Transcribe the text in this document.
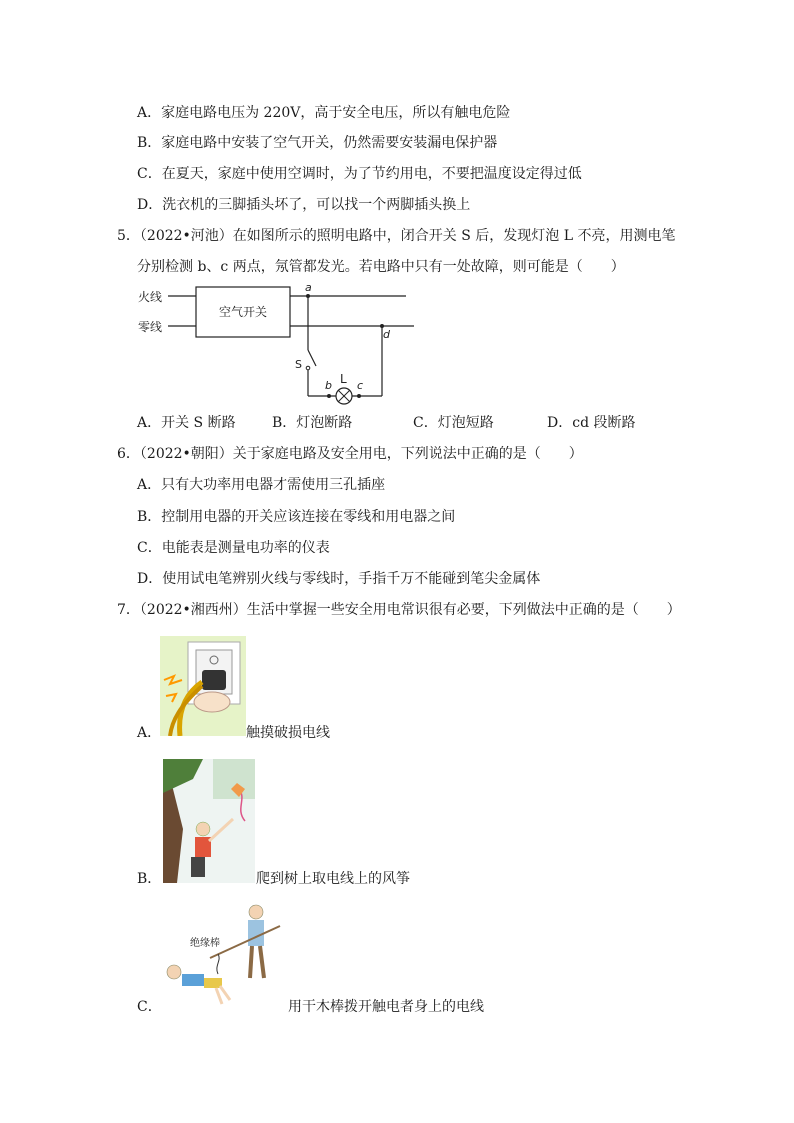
A．家庭电路电压为 220V，高于安全电压，所以有触电危险
B．家庭电路中安装了空气开关，仍然需要安装漏电保护器
C．在夏天，家庭中使用空调时，为了节约用电，不要把温度设定得过低
D．洗衣机的三脚插头坏了，可以找一个两脚插头换上
5．（2022•河池）在如图所示的照明电路中，闭合开关 S 后，发现灯泡 L 不亮，用测电笔
分别检测 b、c 两点，氖管都发光。若电路中只有一处故障，则可能是（　　）
火线
零线
空气开关
a
S
b L c
d
A．开关 S 断路	B．灯泡断路	C．灯泡短路	D．cd 段断路
6．（2022•朝阳）关于家庭电路及安全用电，下列说法中正确的是（　　）
A．只有大功率用电器才需使用三孔插座
B．控制用电器的开关应该连接在零线和用电器之间
C．电能表是测量电功率的仪表
D．使用试电笔辨别火线与零线时，手指千万不能碰到笔尖金属体
7．（2022•湘西州）生活中掌握一些安全用电常识很有必要，下列做法中正确的是（　　）
A．	触摸破损电线
B．	爬到树上取电线上的风筝
绝缘棒
C．	用干木棒拨开触电者身上的电线
